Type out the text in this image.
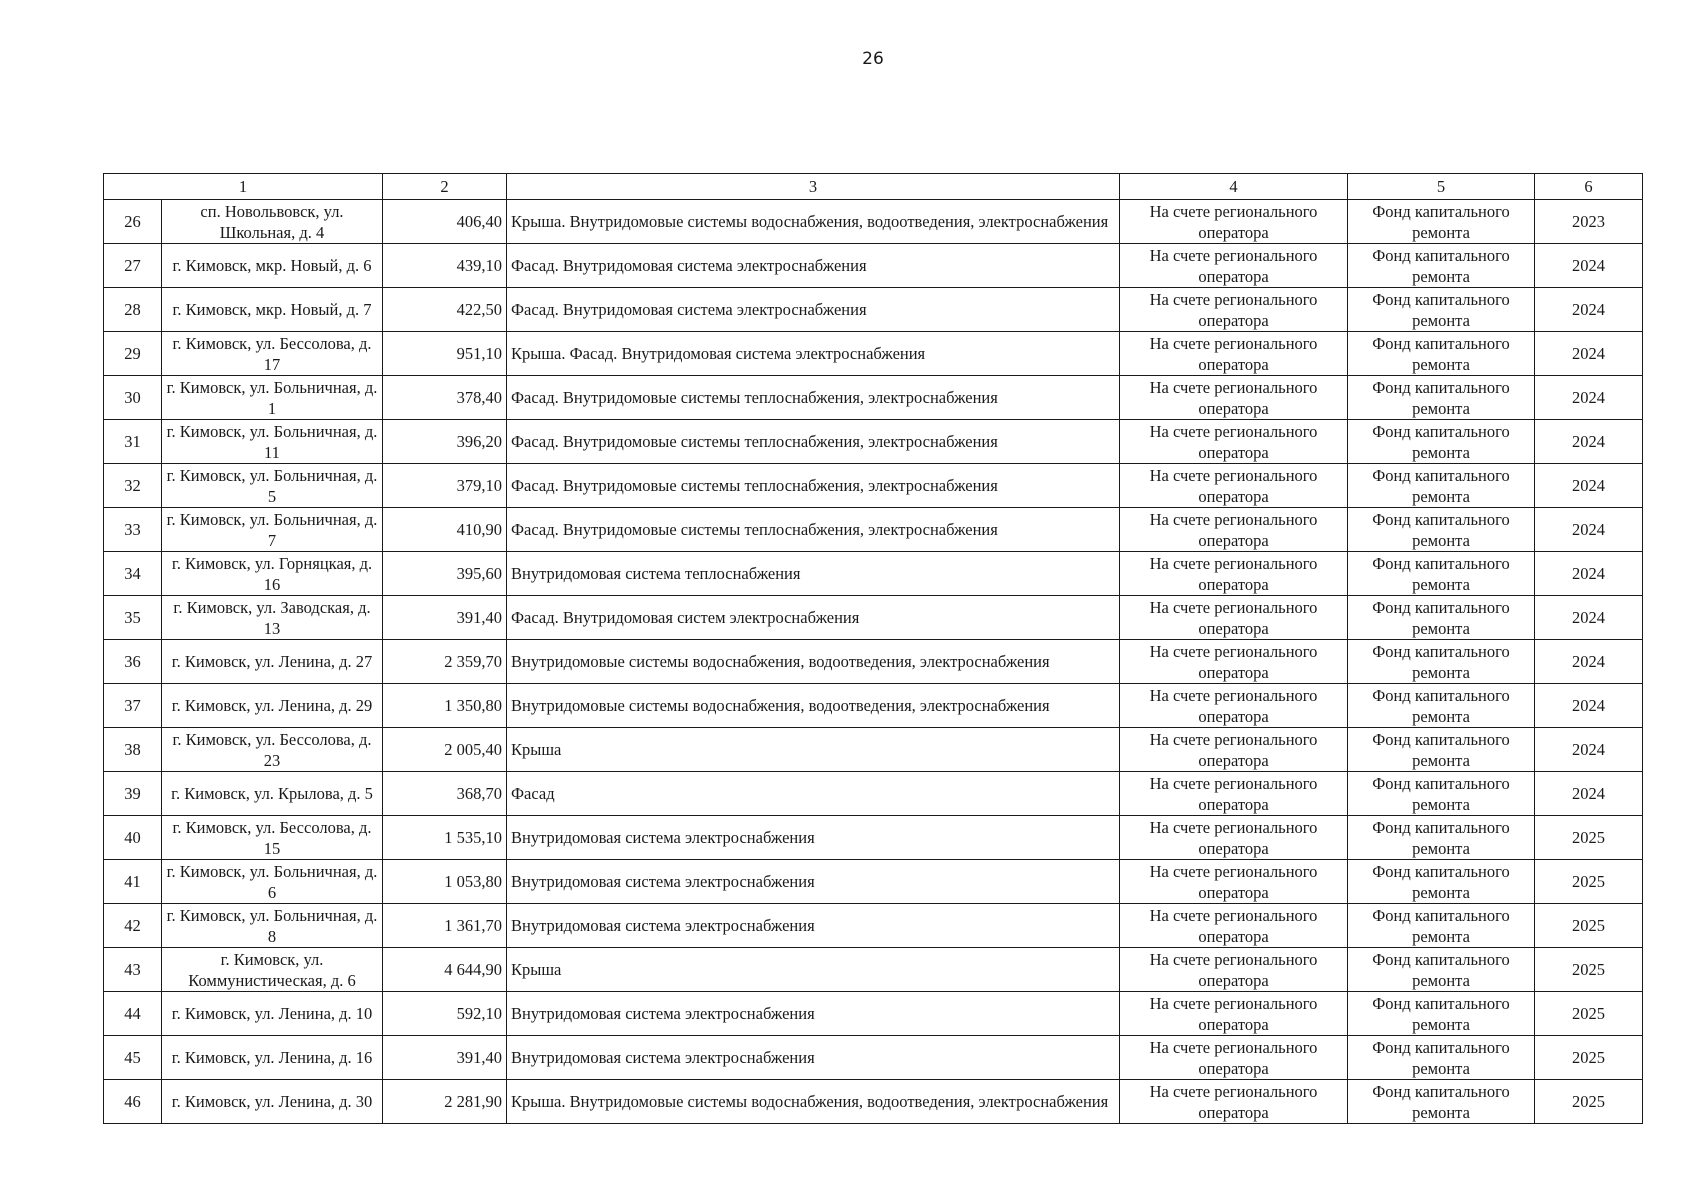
26
1		2	3	4	5	6
26	сп. Новольвовск, ул. Школьная, д. 4	406,40	Крыша. Внутридомовые системы водоснабжения, водоотведения, электроснабжения	На счете регионального оператора	Фонд капитального ремонта	2023
27	г. Кимовск, мкр. Новый, д. 6	439,10	Фасад. Внутридомовая система электроснабжения	На счете регионального оператора	Фонд капитального ремонта	2024
28	г. Кимовск, мкр. Новый, д. 7	422,50	Фасад. Внутридомовая система электроснабжения	На счете регионального оператора	Фонд капитального ремонта	2024
29	г. Кимовск, ул. Бессолова, д. 17	951,10	Крыша. Фасад. Внутридомовая система электроснабжения	На счете регионального оператора	Фонд капитального ремонта	2024
30	г. Кимовск, ул. Больничная, д. 1	378,40	Фасад. Внутридомовые системы теплоснабжения, электроснабжения	На счете регионального оператора	Фонд капитального ремонта	2024
31	г. Кимовск, ул. Больничная, д. 11	396,20	Фасад. Внутридомовые системы теплоснабжения, электроснабжения	На счете регионального оператора	Фонд капитального ремонта	2024
32	г. Кимовск, ул. Больничная, д. 5	379,10	Фасад. Внутридомовые системы теплоснабжения, электроснабжения	На счете регионального оператора	Фонд капитального ремонта	2024
33	г. Кимовск, ул. Больничная, д. 7	410,90	Фасад. Внутридомовые системы теплоснабжения, электроснабжения	На счете регионального оператора	Фонд капитального ремонта	2024
34	г. Кимовск, ул. Горняцкая, д. 16	395,60	Внутридомовая система теплоснабжения	На счете регионального оператора	Фонд капитального ремонта	2024
35	г. Кимовск, ул. Заводская, д. 13	391,40	Фасад. Внутридомовая систем электроснабжения	На счете регионального оператора	Фонд капитального ремонта	2024
36	г. Кимовск, ул. Ленина, д. 27	2 359,70	Внутридомовые системы водоснабжения, водоотведения, электроснабжения	На счете регионального оператора	Фонд капитального ремонта	2024
37	г. Кимовск, ул. Ленина, д. 29	1 350,80	Внутридомовые системы водоснабжения, водоотведения, электроснабжения	На счете регионального оператора	Фонд капитального ремонта	2024
38	г. Кимовск, ул. Бессолова, д. 23	2 005,40	Крыша	На счете регионального оператора	Фонд капитального ремонта	2024
39	г. Кимовск, ул. Крылова, д. 5	368,70	Фасад	На счете регионального оператора	Фонд капитального ремонта	2024
40	г. Кимовск, ул. Бессолова, д. 15	1 535,10	Внутридомовая система электроснабжения	На счете регионального оператора	Фонд капитального ремонта	2025
41	г. Кимовск, ул. Больничная, д. 6	1 053,80	Внутридомовая система электроснабжения	На счете регионального оператора	Фонд капитального ремонта	2025
42	г. Кимовск, ул. Больничная, д. 8	1 361,70	Внутридомовая система электроснабжения	На счете регионального оператора	Фонд капитального ремонта	2025
43	г. Кимовск, ул. Коммунистическая, д. 6	4 644,90	Крыша	На счете регионального оператора	Фонд капитального ремонта	2025
44	г. Кимовск, ул. Ленина, д. 10	592,10	Внутридомовая система электроснабжения	На счете регионального оператора	Фонд капитального ремонта	2025
45	г. Кимовск, ул. Ленина, д. 16	391,40	Внутридомовая система электроснабжения	На счете регионального оператора	Фонд капитального ремонта	2025
46	г. Кимовск, ул. Ленина, д. 30	2 281,90	Крыша. Внутридомовые системы водоснабжения, водоотведения, электроснабжения	На счете регионального оператора	Фонд капитального ремонта	2025
